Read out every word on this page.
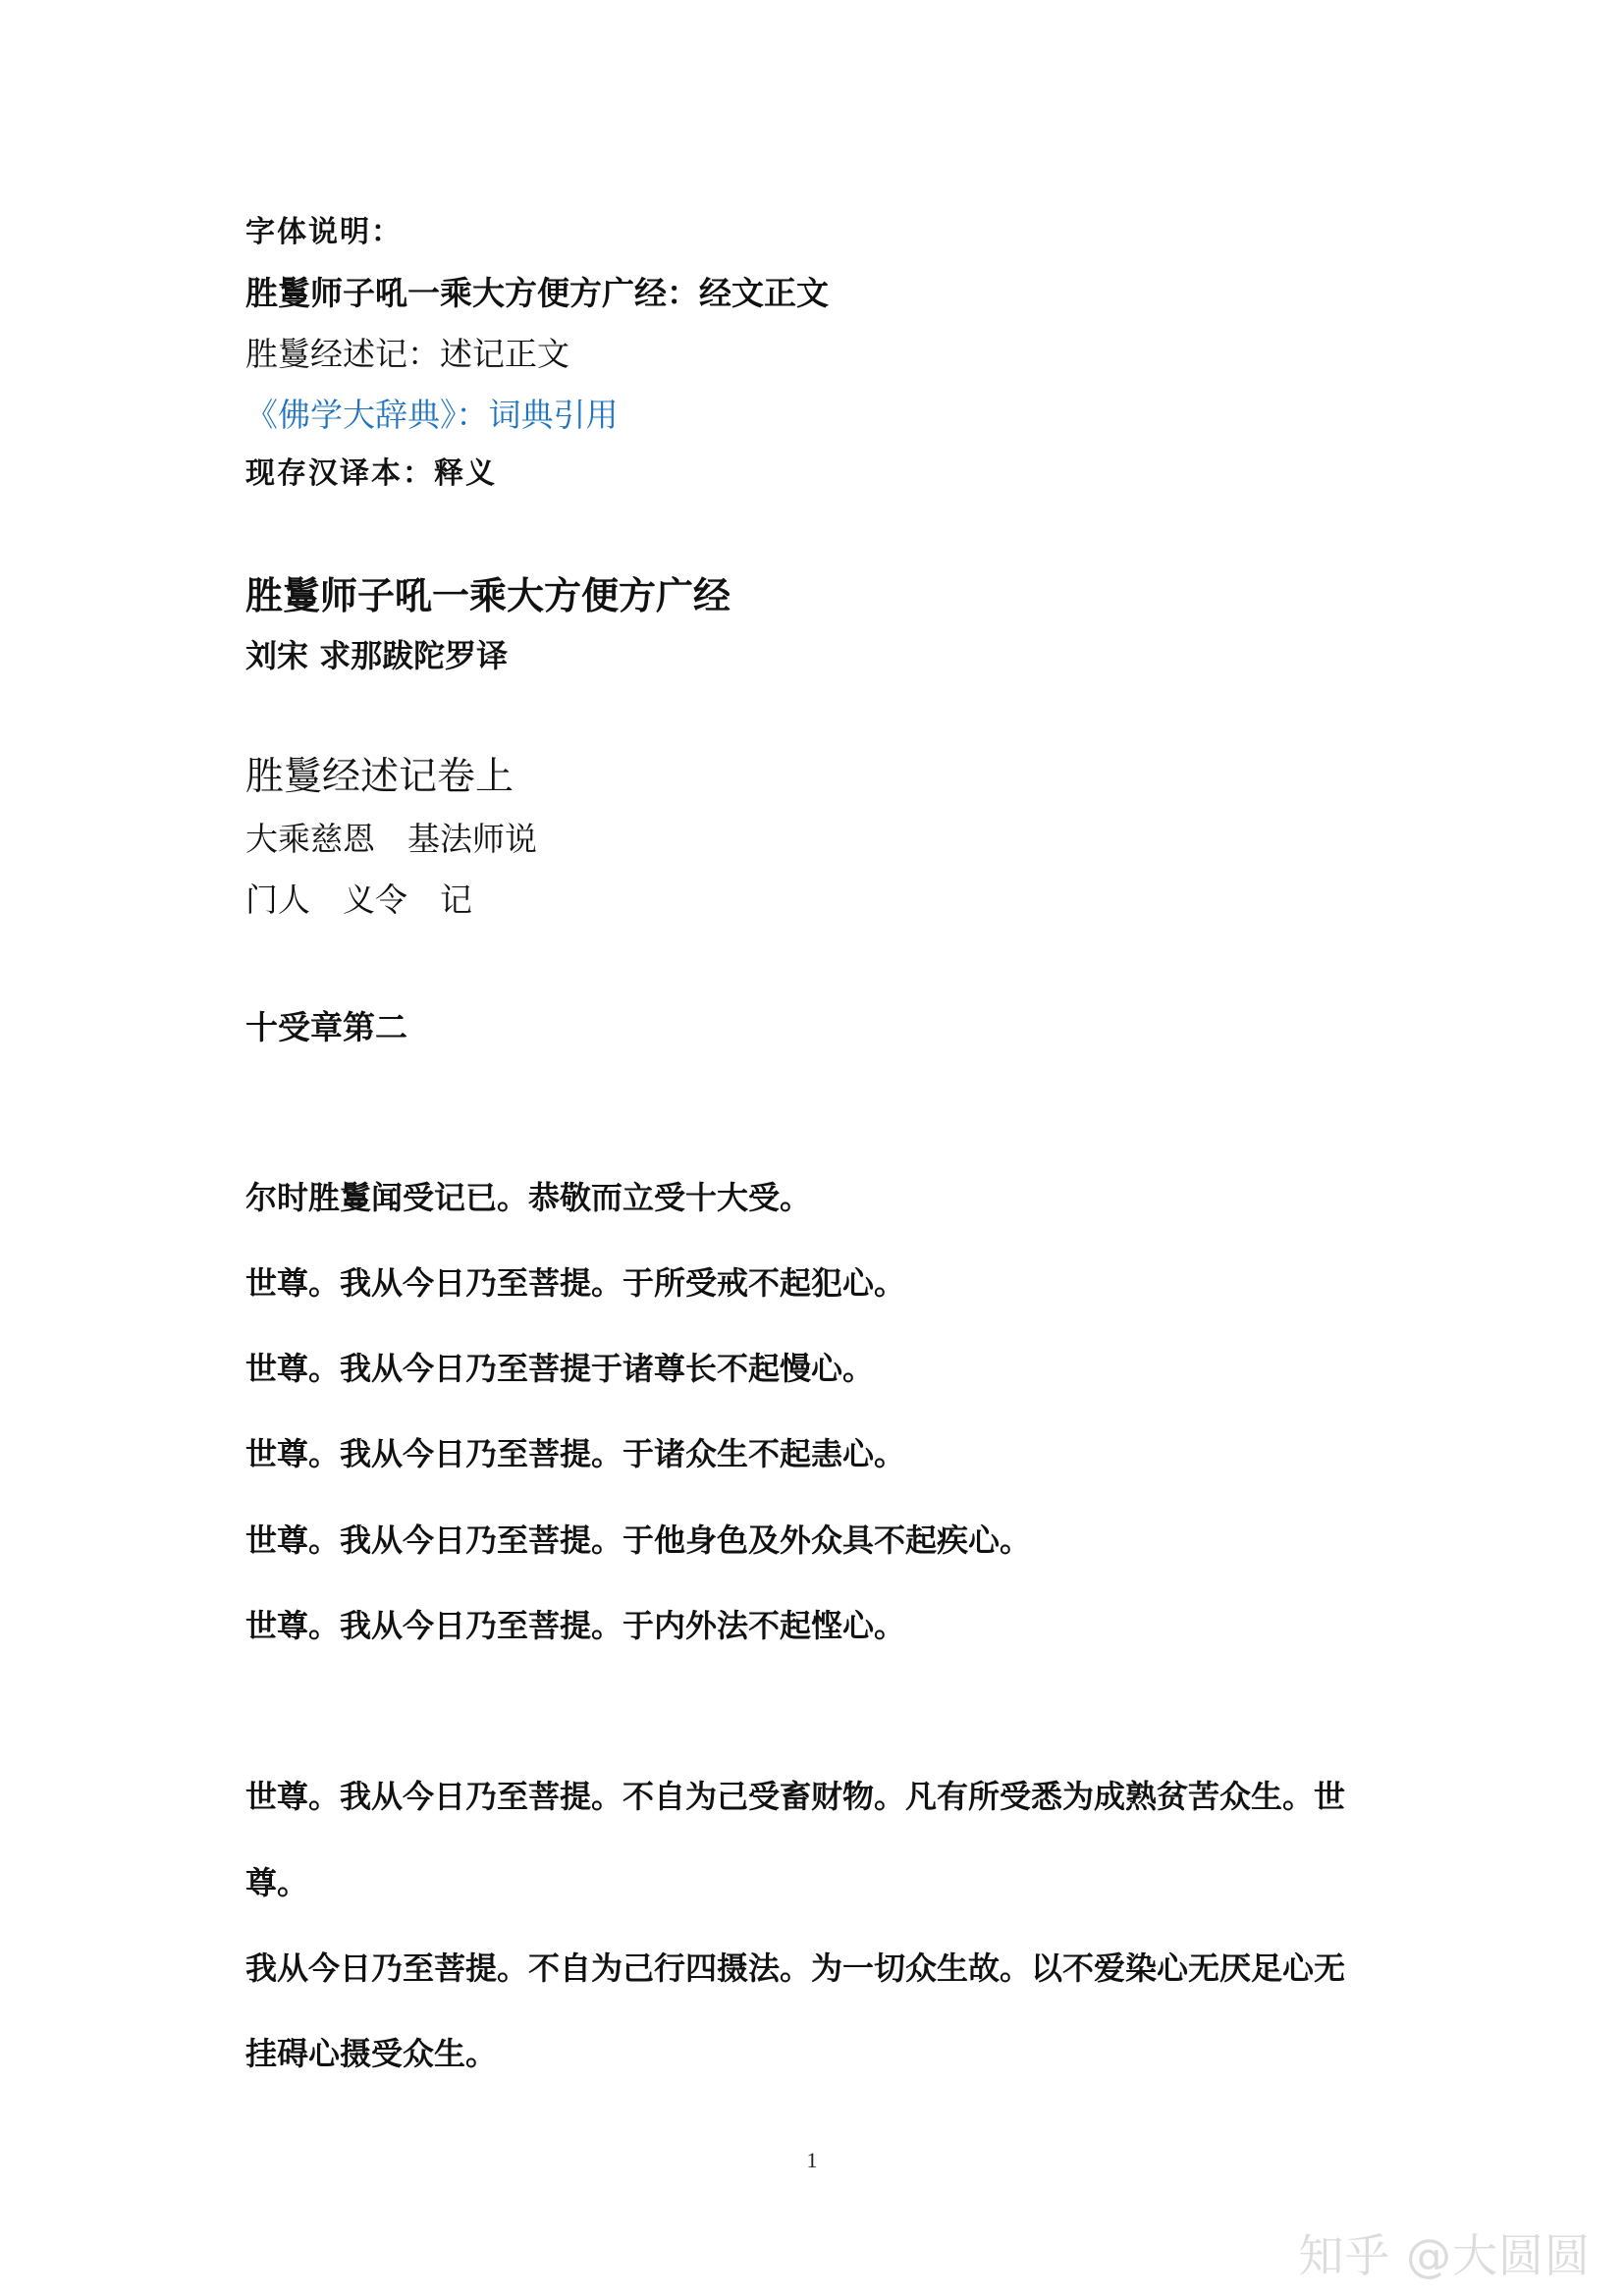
字体说明：
胜鬘师子吼一乘大方便方广经：经文正文
胜鬘经述记：述记正文
《佛学大辞典》：词典引用
现存汉译本：释义
胜鬘师子吼一乘大方便方广经
刘宋 求那跋陀罗译
胜鬘经述记卷上
大乘慈恩　基法师说
门人　义令　记
十受章第二
尔时胜鬘闻受记已。恭敬而立受十大受。
世尊。我从今日乃至菩提。于所受戒不起犯心。
世尊。我从今日乃至菩提于诸尊长不起慢心。
世尊。我从今日乃至菩提。于诸众生不起恚心。
世尊。我从今日乃至菩提。于他身色及外众具不起疾心。
世尊。我从今日乃至菩提。于内外法不起悭心。
世尊。我从今日乃至菩提。不自为己受畜财物。凡有所受悉为成熟贫苦众生。世
尊。
我从今日乃至菩提。不自为己行四摄法。为一切众生故。以不爱染心无厌足心无
挂碍心摄受众生。
1
知乎 @大圆圆
